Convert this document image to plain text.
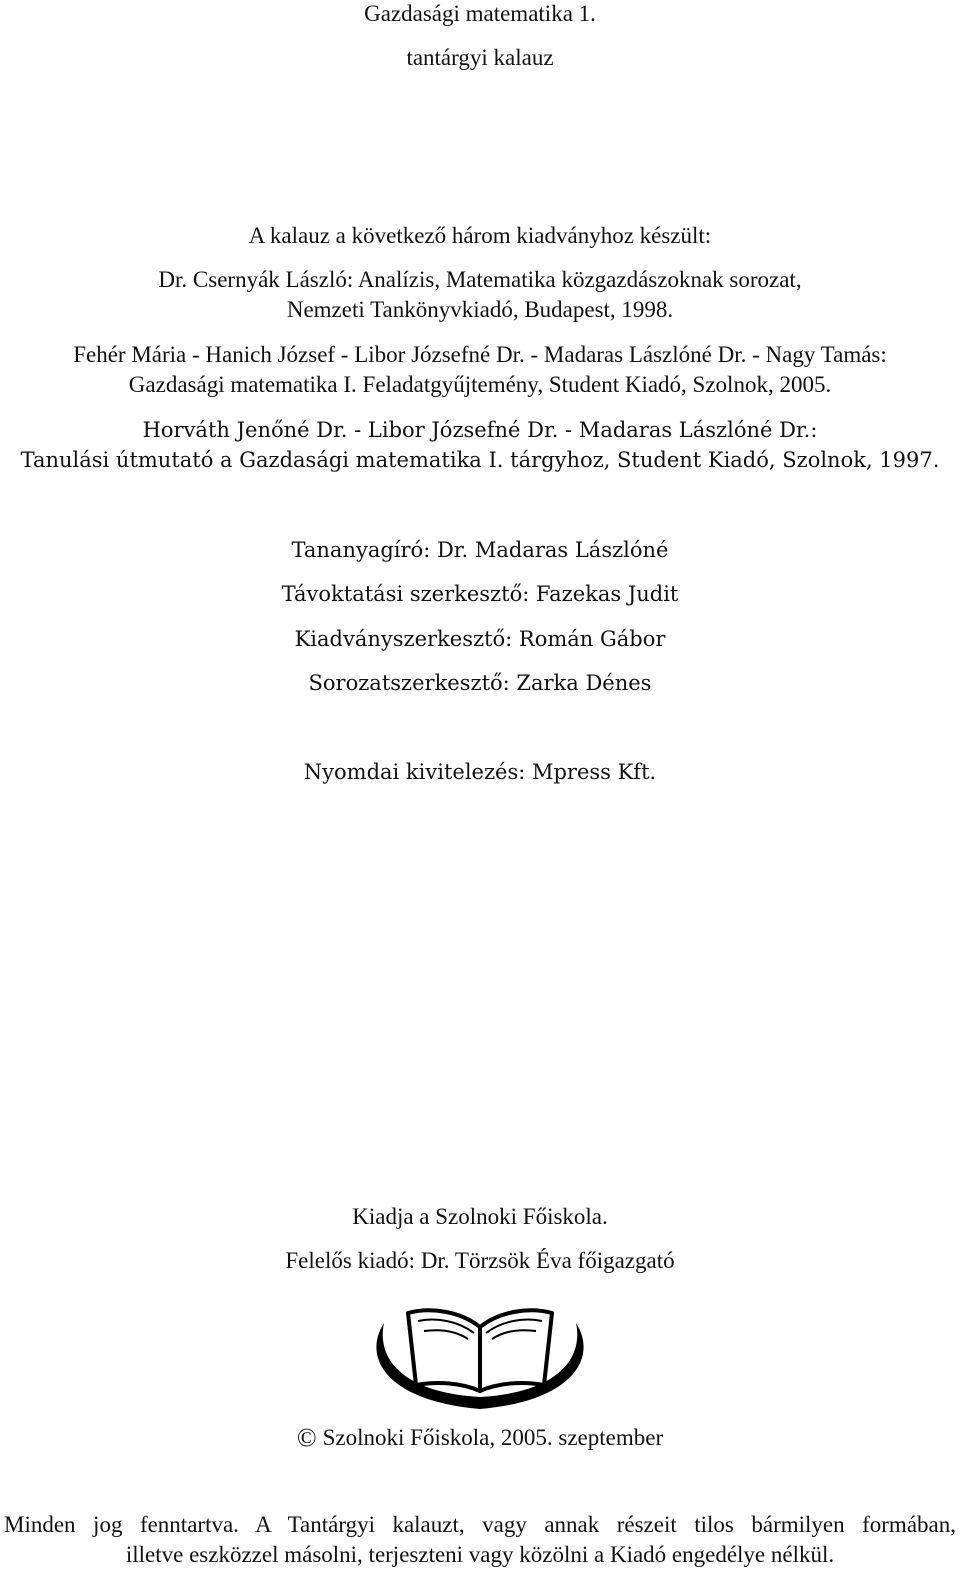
Gazdasági matematika 1.
tantárgyi kalauz
A kalauz a következő három kiadványhoz készült:
Dr. Csernyák László: Analízis, Matematika közgazdászoknak sorozat,
Nemzeti Tankönyvkiadó, Budapest, 1998.
Fehér Mária - Hanich József - Libor Józsefné Dr. - Madaras Lászlóné Dr. - Nagy Tamás:
Gazdasági matematika I. Feladatgyűjtemény, Student Kiadó, Szolnok, 2005.
Horváth Jenőné Dr. - Libor Józsefné Dr. - Madaras Lászlóné Dr.:
Tanulási útmutató a Gazdasági matematika I. tárgyhoz, Student Kiadó, Szolnok, 1997.
Tananyagíró: Dr. Madaras Lászlóné
Távoktatási szerkesztő: Fazekas Judit
Kiadványszerkesztő: Román Gábor
Sorozatszerkesztő: Zarka Dénes
Nyomdai kivitelezés: Mpress Kft.
Kiadja a Szolnoki Főiskola.
Felelős kiadó: Dr. Törzsök Éva főigazgató
© Szolnoki Főiskola, 2005. szeptember
Minden jog fenntartva. A Tantárgyi kalauzt, vagy annak részeit tilos bármilyen formában,
illetve eszközzel másolni, terjeszteni vagy közölni a Kiadó engedélye nélkül.
